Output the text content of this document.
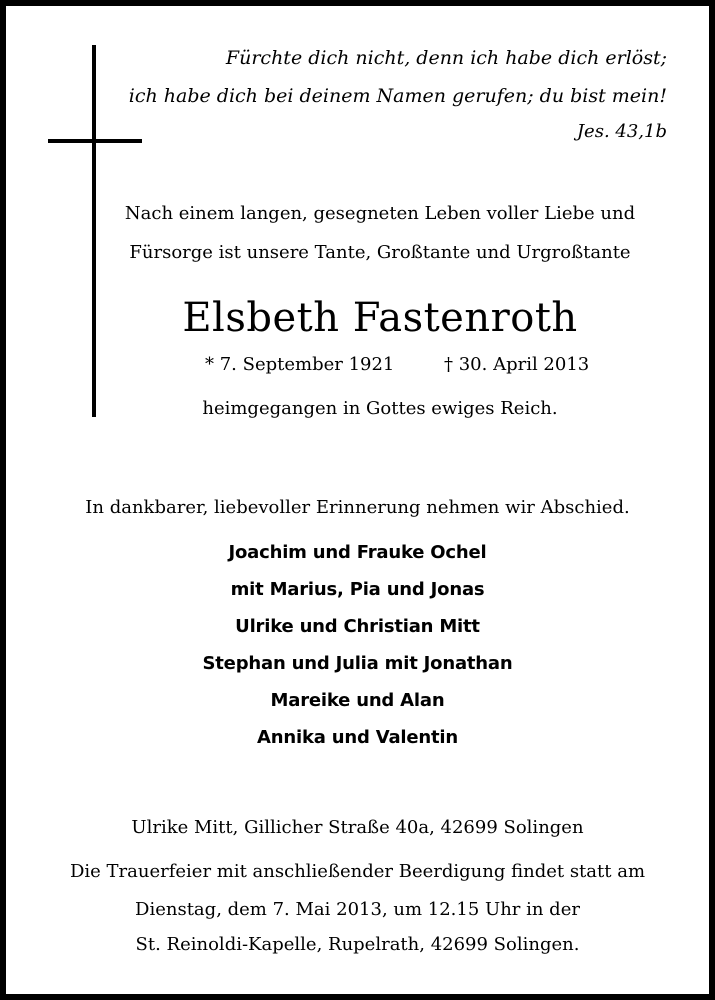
Fürchte dich nicht, denn ich habe dich erlöst;
ich habe dich bei deinem Namen gerufen; du bist mein!
Jes. 43,1b
Nach einem langen, gesegneten Leben voller Liebe und
Fürsorge ist unsere Tante, Großtante und Urgroßtante
Elsbeth Fastenroth
* 7. September 1921	† 30. April 2013
heimgegangen in Gottes ewiges Reich.
In dankbarer, liebevoller Erinnerung nehmen wir Abschied.
Joachim und Frauke Ochel
mit Marius, Pia und Jonas
Ulrike und Christian Mitt
Stephan und Julia mit Jonathan
Mareike und Alan
Annika und Valentin
Ulrike Mitt, Gillicher Straße 40a, 42699 Solingen
Die Trauerfeier mit anschließender Beerdigung findet statt am
Dienstag, dem 7. Mai 2013, um 12.15 Uhr in der
St. Reinoldi-Kapelle, Rupelrath, 42699 Solingen.
